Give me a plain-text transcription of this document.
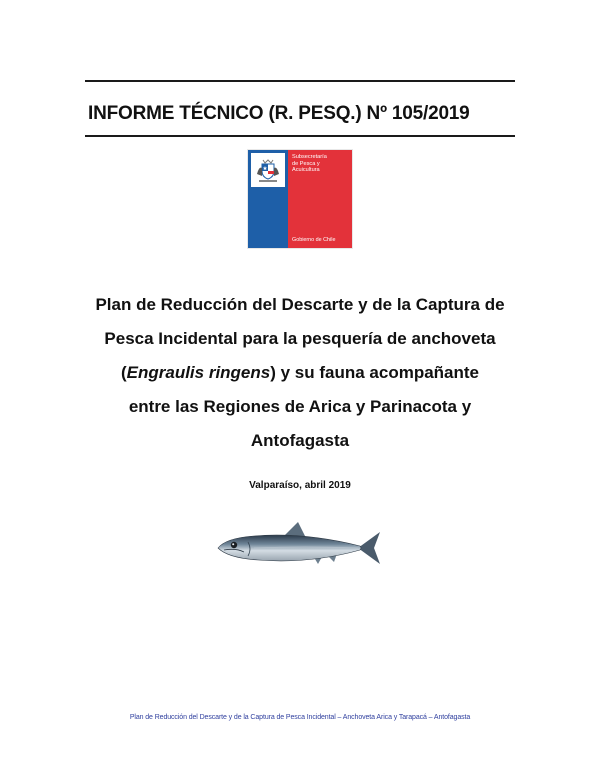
INFORME TÉCNICO (R. PESQ.) Nº 105/2019
Subsecretaría
de Pesca y
Acuicultura
Gobierno de Chile
Plan de Reducción del Descarte y de la Captura de
Pesca Incidental para la pesquería de anchoveta
(Engraulis ringens) y su fauna acompañante
entre las Regiones de Arica y Parinacota y
Antofagasta
Valparaíso, abril 2019
Plan de Reducción del Descarte y de la Captura de Pesca Incidental – Anchoveta Arica y Tarapacá – Antofagasta
